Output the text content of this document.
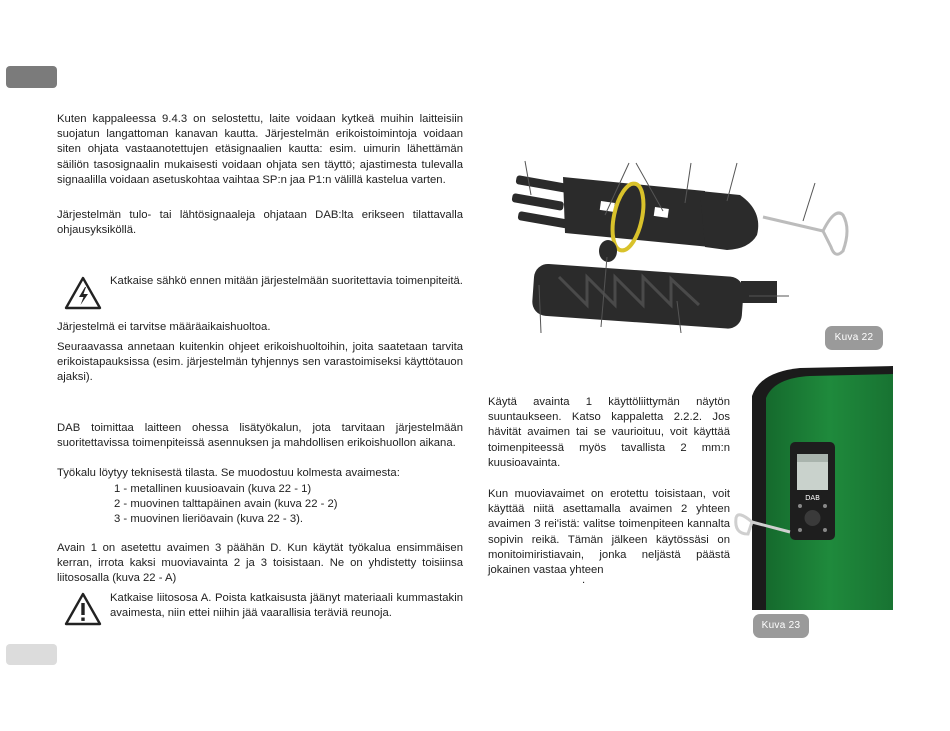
Kuten kappaleessa 9.4.3 on selostettu, laite voidaan kytkeä muihin laitteisiin suojatun langattoman kanavan kautta. Järjestelmän erikoistoimintoja voidaan siten ohjata vastaanotettujen etäsignaalien kautta: esim. uimurin lähettämän säiliön tasosignaalin mukaisesti voidaan ohjata sen täyttö; ajastimesta tulevalla signaalilla voidaan asetuskohtaa vaihtaa SP:n jaa P1:n välillä kastelua varten.

Järjestelmän tulo- tai lähtösignaaleja ohjataan DAB:lta erikseen tilattavalla ohjausyksiköllä.

Katkaise sähkö ennen mitään järjestelmään suoritettavia toimenpiteitä.

Järjestelmä ei tarvitse määräaikaishuoltoa.

Seuraavassa annetaan kuitenkin ohjeet erikoishuoltoihin, joita saatetaan tarvita erikoistapauksissa (esim. järjestelmän tyhjennys sen varastoimiseksi käyttötauon ajaksi).

DAB toimittaa laitteen ohessa lisätyökalun, jota tarvitaan järjestelmään suoritettavissa toimenpiteissä asennuksen ja mahdollisen erikoishuollon aikana.

Työkalu löytyy teknisestä tilasta. Se muodostuu kolmesta avaimesta:

1 - metallinen kuusioavain (kuva 22 - 1)
2 - muovinen talttapäinen avain (kuva 22 - 2)
3 - muovinen lieriöavain (kuva 22 - 3).

Avain 1 on asetettu avaimen 3 päähän D. Kun käytät työkalua ensimmäisen kerran, irrota kaksi muoviavainta 2 ja 3 toisistaan. Ne on yhdistetty toisiinsa liitososalla (kuva 22 - A)

Katkaise liitososa A. Poista katkaisusta jäänyt materiaali kummastakin avaimesta, niin ettei niihin jää vaarallisia teräviä reunoja.

Kuva 22

Käytä avainta 1 käyttöliittymän näytön suuntaukseen. Katso kappaletta 2.2.2. Jos hävität avaimen tai se vaurioituu, voit käyttää toimenpiteessä myös tavallista 2 mm:n kuusioavainta.

Kun muoviavaimet on erotettu toisistaan, voit käyttää niitä asettamalla avaimen 2 yhteen avaimen 3 rei'istä: valitse toimenpiteen kannalta sopivin reikä. Tämän jälkeen käytössäsi on monitoimiristiavain, jonka neljästä päästä jokainen vastaa yhteen

.
DAB
Kuva 23
